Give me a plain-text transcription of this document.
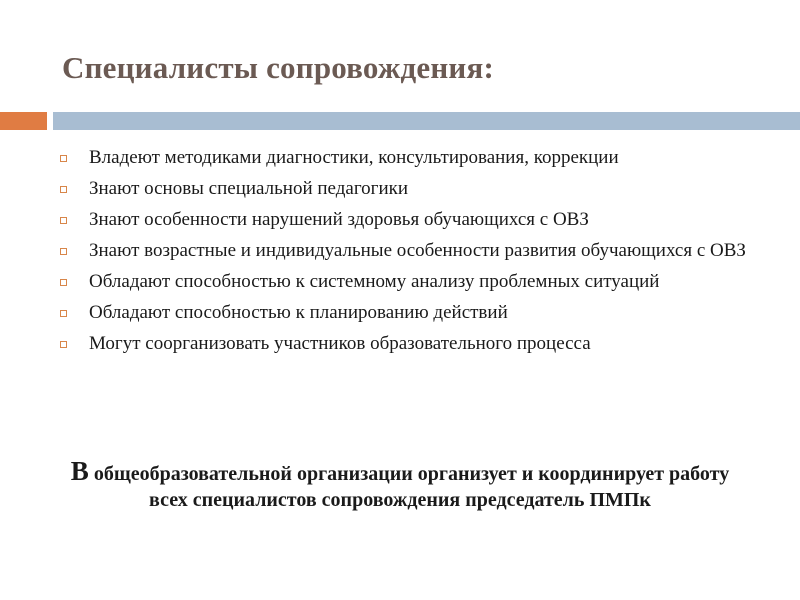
Специалисты сопровождения:
Владеют методиками диагностики, консультирования, коррекции
Знают основы специальной педагогики
Знают особенности нарушений здоровья обучающихся с ОВЗ
Знают возрастные и индивидуальные особенности развития обучающихся с ОВЗ
Обладают способностью к системному анализу проблемных ситуаций
Обладают способностью к планированию действий
Могут соорганизовать участников образовательного процесса
В общеобразовательной организации организует и координирует работу всех специалистов сопровождения председатель ПМПк
